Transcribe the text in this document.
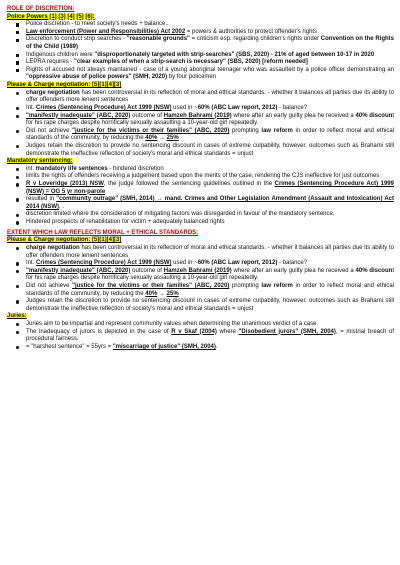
ROLE OF DISCRETION:
Police Powers [1] [3] [4] [5] [6]:
Police discretion - to meet society's needs + balance..
Law enforcement (Power and Responsibilities) Act 2002 = powers & authorities to protect offender's rights
Discretion to conduct strip searches - "reasonable grounds" = criticism esp. regarding children's rights under Convention on the Rights of the Child (1989)
Indigenous children were "disproportionately targeted with strip-searches" (SBS, 2020) - 21% of aged between 10-17 in 2020
LEPRA requires - "clear examples of when a strip-search is necessary" (SBS, 2020) [reform needed]
Rights of accused not always maintained - case of a young aboriginal teenager who was assaulted by a police officer demonstrating an "oppressive abuse of police powers" (SMH, 2020) by four policemen
Please & Charge negotiation: [5][1][4][3]
charge negotiation has been controversial in its reflection of moral and ethical standards. - whether it balances all parties due its ability to offer offenders more lenient sentences
Int. Crimes (Sentencing Procedure) Act 1999 (NSW) used in ~60% (ABC Law report, 2012) - balance?
"manifestly inadequate" (ABC, 2020) outcome of Hamzeh Bahrami (2019) where after an early guilty plea he received a 40% discount for his rape charges despite horrifically sexually assaulting a 10-year-old girl repeatedly.
Did not achieve "justice for the victims or their families" (ABC, 2020) prompting law reform in order to reflect moral and ethical standards of the community, by reducing the 40% → 25%
Judges retain the discretion to provide no sentencing discount in cases of extreme culpability, however, outcomes such as Brahami still demonstrate the ineffective reflection of society's moral and ethical standards = unjust
Mandatory sentencing:
int. mandatory life sentences - hindered discretion
limits the rights of offenders receiving a judgement based upon the merits of the case, rendering the CJS ineffective for just outcomes
R v Loveridge (2013) NSW, the judge followed the sentencing guidelines outlined in the Crimes (Sentencing Procedure Act) 1999 (NSW) = OG 5 yr non-parole
resulted in "community outrage" (SMH, 2014) → mand. Crimes and Other Legislation Amendment (Assault and Intoxication) Act 2014 (NSW), .
discretion limited where the consideration of mitigating factors was disregarded in favour of the mandatory sentence.
Hindered prospects of rehabilitation for victim + adequately balanced rights
EXTENT WHICH LAW REFLECTS MORAL + ETHICAL STANDARDS:
Please & Charge negotiation: [5][1][4][3]
charge negotiation has been controversial in its reflection of moral and ethical standards. - whether it balances all parties due its ability to offer offenders more lenient sentences
Int. Crimes (Sentencing Procedure) Act 1999 (NSW) used in ~60% (ABC Law report, 2012) - balance?
"manifestly inadequate" (ABC, 2020) outcome of Hamzeh Bahrami (2019) where after an early guilty plea he received a 40% discount for his rape charges despite horrifically sexually assaulting a 10-year-old girl repeatedly.
Did not achieve "justice for the victims or their families" (ABC, 2020) prompting law reform in order to reflect moral and ethical standards of the community, by reducing the 40% → 25%
Judges retain the discretion to provide no sentencing discount in cases of extreme culpability, however, outcomes such as Brahami still demonstrate the ineffective reflection of society's moral and ethical standards = unjust
Juries:
Juries aim to be impartial and represent community values when determining the unanimous verdict of a case.
The inadequacy of jurors is depicted in the case of R v Skaf (2004) where "Disobedient jurors" (SMH, 2004), = mistrial breach of procedural fairness.
= "harshest sentence" = 55yrs = "miscarriage of justice" (SMH, 2004).
